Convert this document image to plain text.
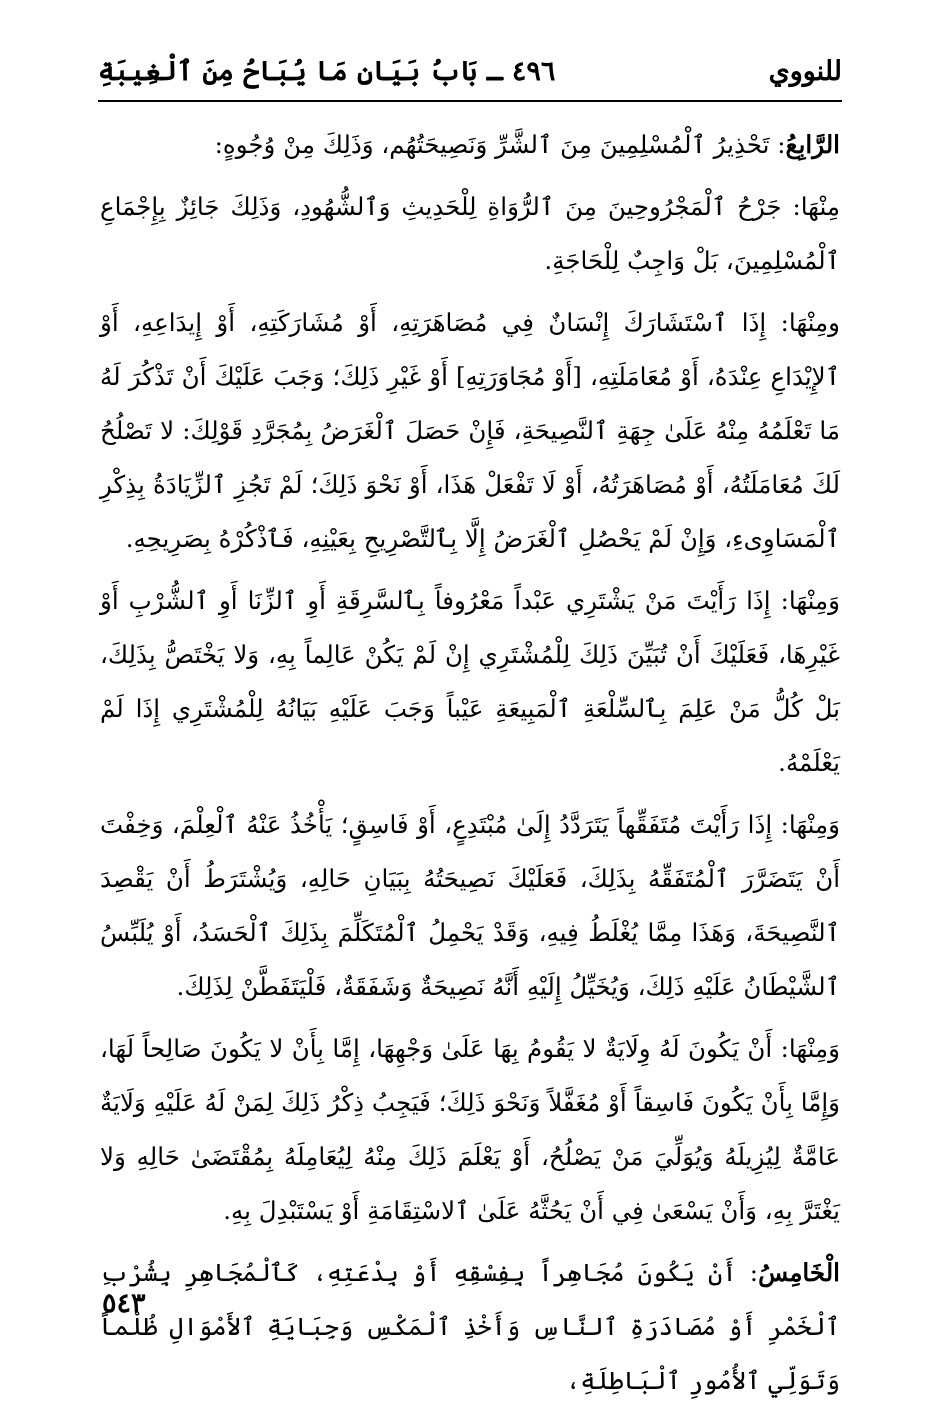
للنووي
٤٩٦ ـ بَابُ بَيَانِ مَا يُبَاحُ مِنَ ٱلْغِيبَةِ

الرَّابِعُ: تَحْذِيرُ ٱلْمُسْلِمِينَ مِنَ ٱلشَّرِّ وَنَصِيحَتُهُم، وَذَلِكَ مِنْ وُجُوهٍ:

مِنْهَا: جَرْحُ ٱلْمَجْرُوحِينَ مِنَ ٱلرُّوَاةِ لِلْحَدِيثِ وَٱلشُّهُودِ، وَذَلِكَ جَائِزٌ بِإِجْمَاعِ ٱلْمُسْلِمِينَ، بَلْ وَاجِبٌ لِلْحَاجَةِ.

ومِنْهَا: إِذَا ٱسْتَشَارَكَ إِنْسَانٌ فِي مُصَاهَرَتِهِ، أَوْ مُشَارَكَتِهِ، أَوْ إِيدَاعِهِ، أَوْ ٱلإِيْدَاعِ عِنْدَهُ، أَوْ مُعَامَلَتِهِ، [أَوْ مُجَاوَرَتِهِ] أَوْ غَيْرِ ذَلِكَ؛ وَجَبَ عَلَيْكَ أَنْ تَذْكُرَ لَهُ مَا تَعْلَمُهُ مِنْهُ عَلَىٰ جِهَةِ ٱلنَّصِيحَةِ، فَإِنْ حَصَلَ ٱلْغَرَضُ بِمُجَرَّدِ قَوْلِكَ: لا تَصْلُحُ لَكَ مُعَامَلَتُهُ، أَوْ مُصَاهَرَتُهُ، أَوْ لَا تَفْعَلْ هَذَا، أَوْ نَحْوَ ذَلِكَ؛ لَمْ تَجُزِ ٱلزِّيَادَةُ بِذِكْرِ ٱلْمَسَاوِىءِ، وَإِنْ لَمْ يَحْصُلِ ٱلْغَرَضُ إِلَّا بِٱلتَّصْرِيحِ بِعَيْنِهِ، فَٱذْكُرْهُ بِصَرِيحِهِ.

وَمِنْهَا: إِذَا رَأَيْتَ مَنْ يَشْتَرِي عَبْداً مَعْرُوفاً بِٱلسَّرِقَةِ أَوِ ٱلزِّنَا أَوِ ٱلشُّرْبِ أَوْ غَيْرِهَا، فَعَلَيْكَ أَنْ تُبَيِّنَ ذَلِكَ لِلْمُشْتَرِي إِنْ لَمْ يَكُنْ عَالِماً بِهِ، وَلا يَخْتَصُّ بِذَلِكَ، بَلْ كُلُّ مَنْ عَلِمَ بِٱلسِّلْعَةِ ٱلْمَبِيعَةِ عَيْباً وَجَبَ عَلَيْهِ بَيَانُهُ لِلْمُشْتَرِي إِذَا لَمْ يَعْلَمْهُ.

وَمِنْهَا: إِذَا رَأَيْتَ مُتَفَقِّهاً يَتَرَدَّدُ إِلَىٰ مُبْتَدِعٍ، أَوْ فَاسِقٍ؛ يَأْخُذُ عَنْهُ ٱلْعِلْمَ، وَخِفْتَ أَنْ يَتَضَرَّرَ ٱلْمُتَفَقِّهُ بِذَلِكَ، فَعَلَيْكَ نَصِيحَتُهُ بِبَيَانِ حَالِهِ، وَيُشْتَرَطُ أَنْ يَقْصِدَ ٱلنَّصِيحَةَ، وَهَذَا مِمَّا يُغْلَطُ فِيهِ، وَقَدْ يَحْمِلُ ٱلْمُتَكَلِّمَ بِذَلِكَ ٱلْحَسَدُ، أَوْ يُلَبِّسُ ٱلشَّيْطَانُ عَلَيْهِ ذَلِكَ، وَيُخَيِّلُ إِلَيْهِ أَنَّهُ نَصِيحَةٌ وَشَفَقَةٌ، فَلْيَتَفَطَّنْ لِذَلِكَ.

وَمِنْهَا: أَنْ يَكُونَ لَهُ وِلَايَةٌ لا يَقُومُ بِهَا عَلَىٰ وَجْهِهَا، إِمَّا بِأَنْ لا يَكُونَ صَالِحاً لَهَا، وَإِمَّا بِأَنْ يَكُونَ فَاسِقاً أَوْ مُغَفَّلاً وَنَحْوَ ذَلِكَ؛ فَيَجِبُ ذِكْرُ ذَلِكَ لِمَنْ لَهُ عَلَيْهِ وَلَايَةٌ عَامَّةٌ لِيُزِيلَهُ وَيُوَلِّيَ مَنْ يَصْلُحُ، أَوْ يَعْلَمَ ذَلِكَ مِنْهُ لِيُعَامِلَهُ بِمُقْتَضَىٰ حَالِهِ وَلا يَغْتَرَّ بِهِ، وَأَنْ يَسْعَىٰ فِي أَنْ يَحُثَّهُ عَلَىٰ ٱلاسْتِقَامَةِ أَوْ يَسْتَبْدِلَ بِهِ.

الْخَامِسُ: أَنْ يَكُونَ مُجَاهِراً بِفِسْقِهِ أَوْ بِدْعَتِهِ، كَٱلْمُجَاهِرِ بِشُرْبِ ٱلْخَمْرِ أَوْ مُصَادَرَةِ ٱلنَّاسِ وَأَخْذِ ٱلْمَكْسِ وَجِبَايَةِ ٱلأَمْوَالِ ظُلْماً وَتَوَلِّي ٱلأُمُورِ ٱلْبَاطِلَةِ،

٥٤٣
